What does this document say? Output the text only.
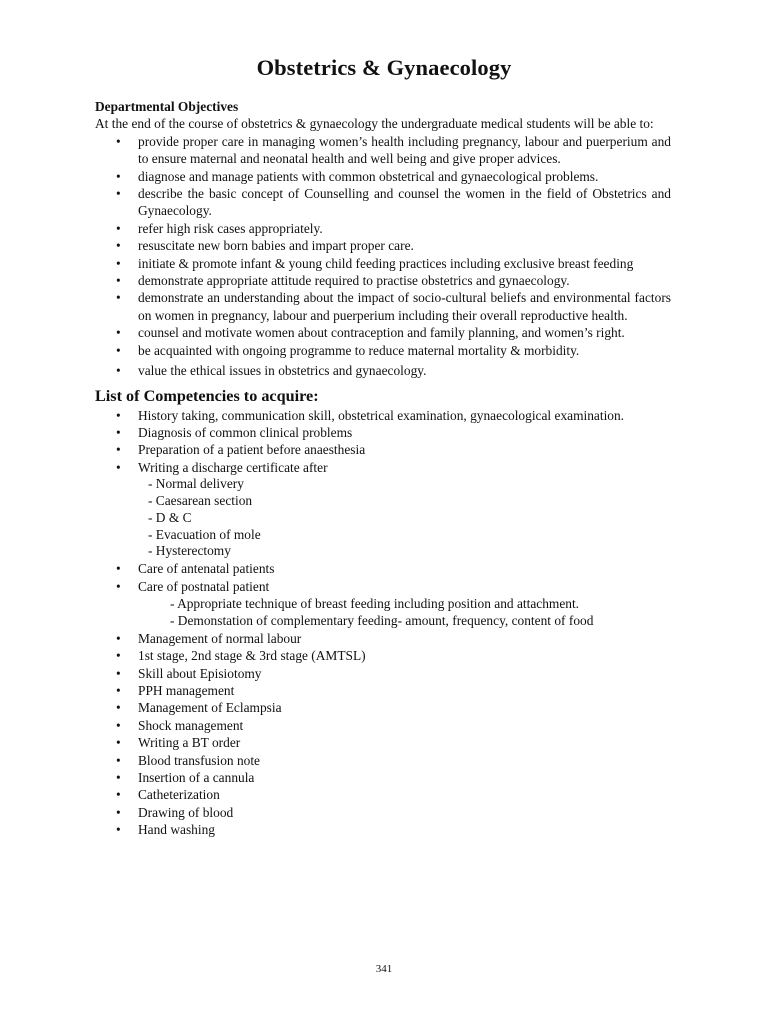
Obstetrics & Gynaecology

Departmental Objectives

At the end of the course of obstetrics & gynaecology the undergraduate medical students will be able to:

• provide proper care in managing women’s health including pregnancy, labour and puerperium and to ensure maternal and neonatal health and well being and give proper advices.
• diagnose and manage patients with common obstetrical and gynaecological problems.
• describe the basic concept of Counselling and counsel the women in the field of Obstetrics and Gynaecology.
• refer high risk cases appropriately.
• resuscitate new born babies and impart proper care.
• initiate & promote infant & young child feeding practices including exclusive breast feeding
• demonstrate appropriate attitude required to practise obstetrics and gynaecology.
• demonstrate an understanding about the impact of socio-cultural beliefs and environmental factors on women in pregnancy, labour and puerperium including their overall reproductive health.
• counsel and motivate women about contraception and family planning, and women’s right.
• be acquainted with ongoing programme to reduce maternal mortality & morbidity.
• value the ethical issues in obstetrics and gynaecology.

List of Competencies to acquire:

• History taking, communication skill, obstetrical examination, gynaecological examination.
• Diagnosis of common clinical problems
• Preparation of a patient before anaesthesia
• Writing a discharge certificate after
- Normal delivery
- Caesarean section
- D & C
- Evacuation of mole
- Hysterectomy
• Care of antenatal patients
• Care of postnatal patient
- Appropriate technique of breast feeding including position and attachment.
- Demonstation of complementary feeding- amount, frequency, content of food
• Management of normal labour
• 1st stage, 2nd stage & 3rd stage (AMTSL)
• Skill about Episiotomy
• PPH management
• Management of Eclampsia
• Shock management
• Writing a BT order
• Blood transfusion note
• Insertion of a cannula
• Catheterization
• Drawing of blood
• Hand washing
341
